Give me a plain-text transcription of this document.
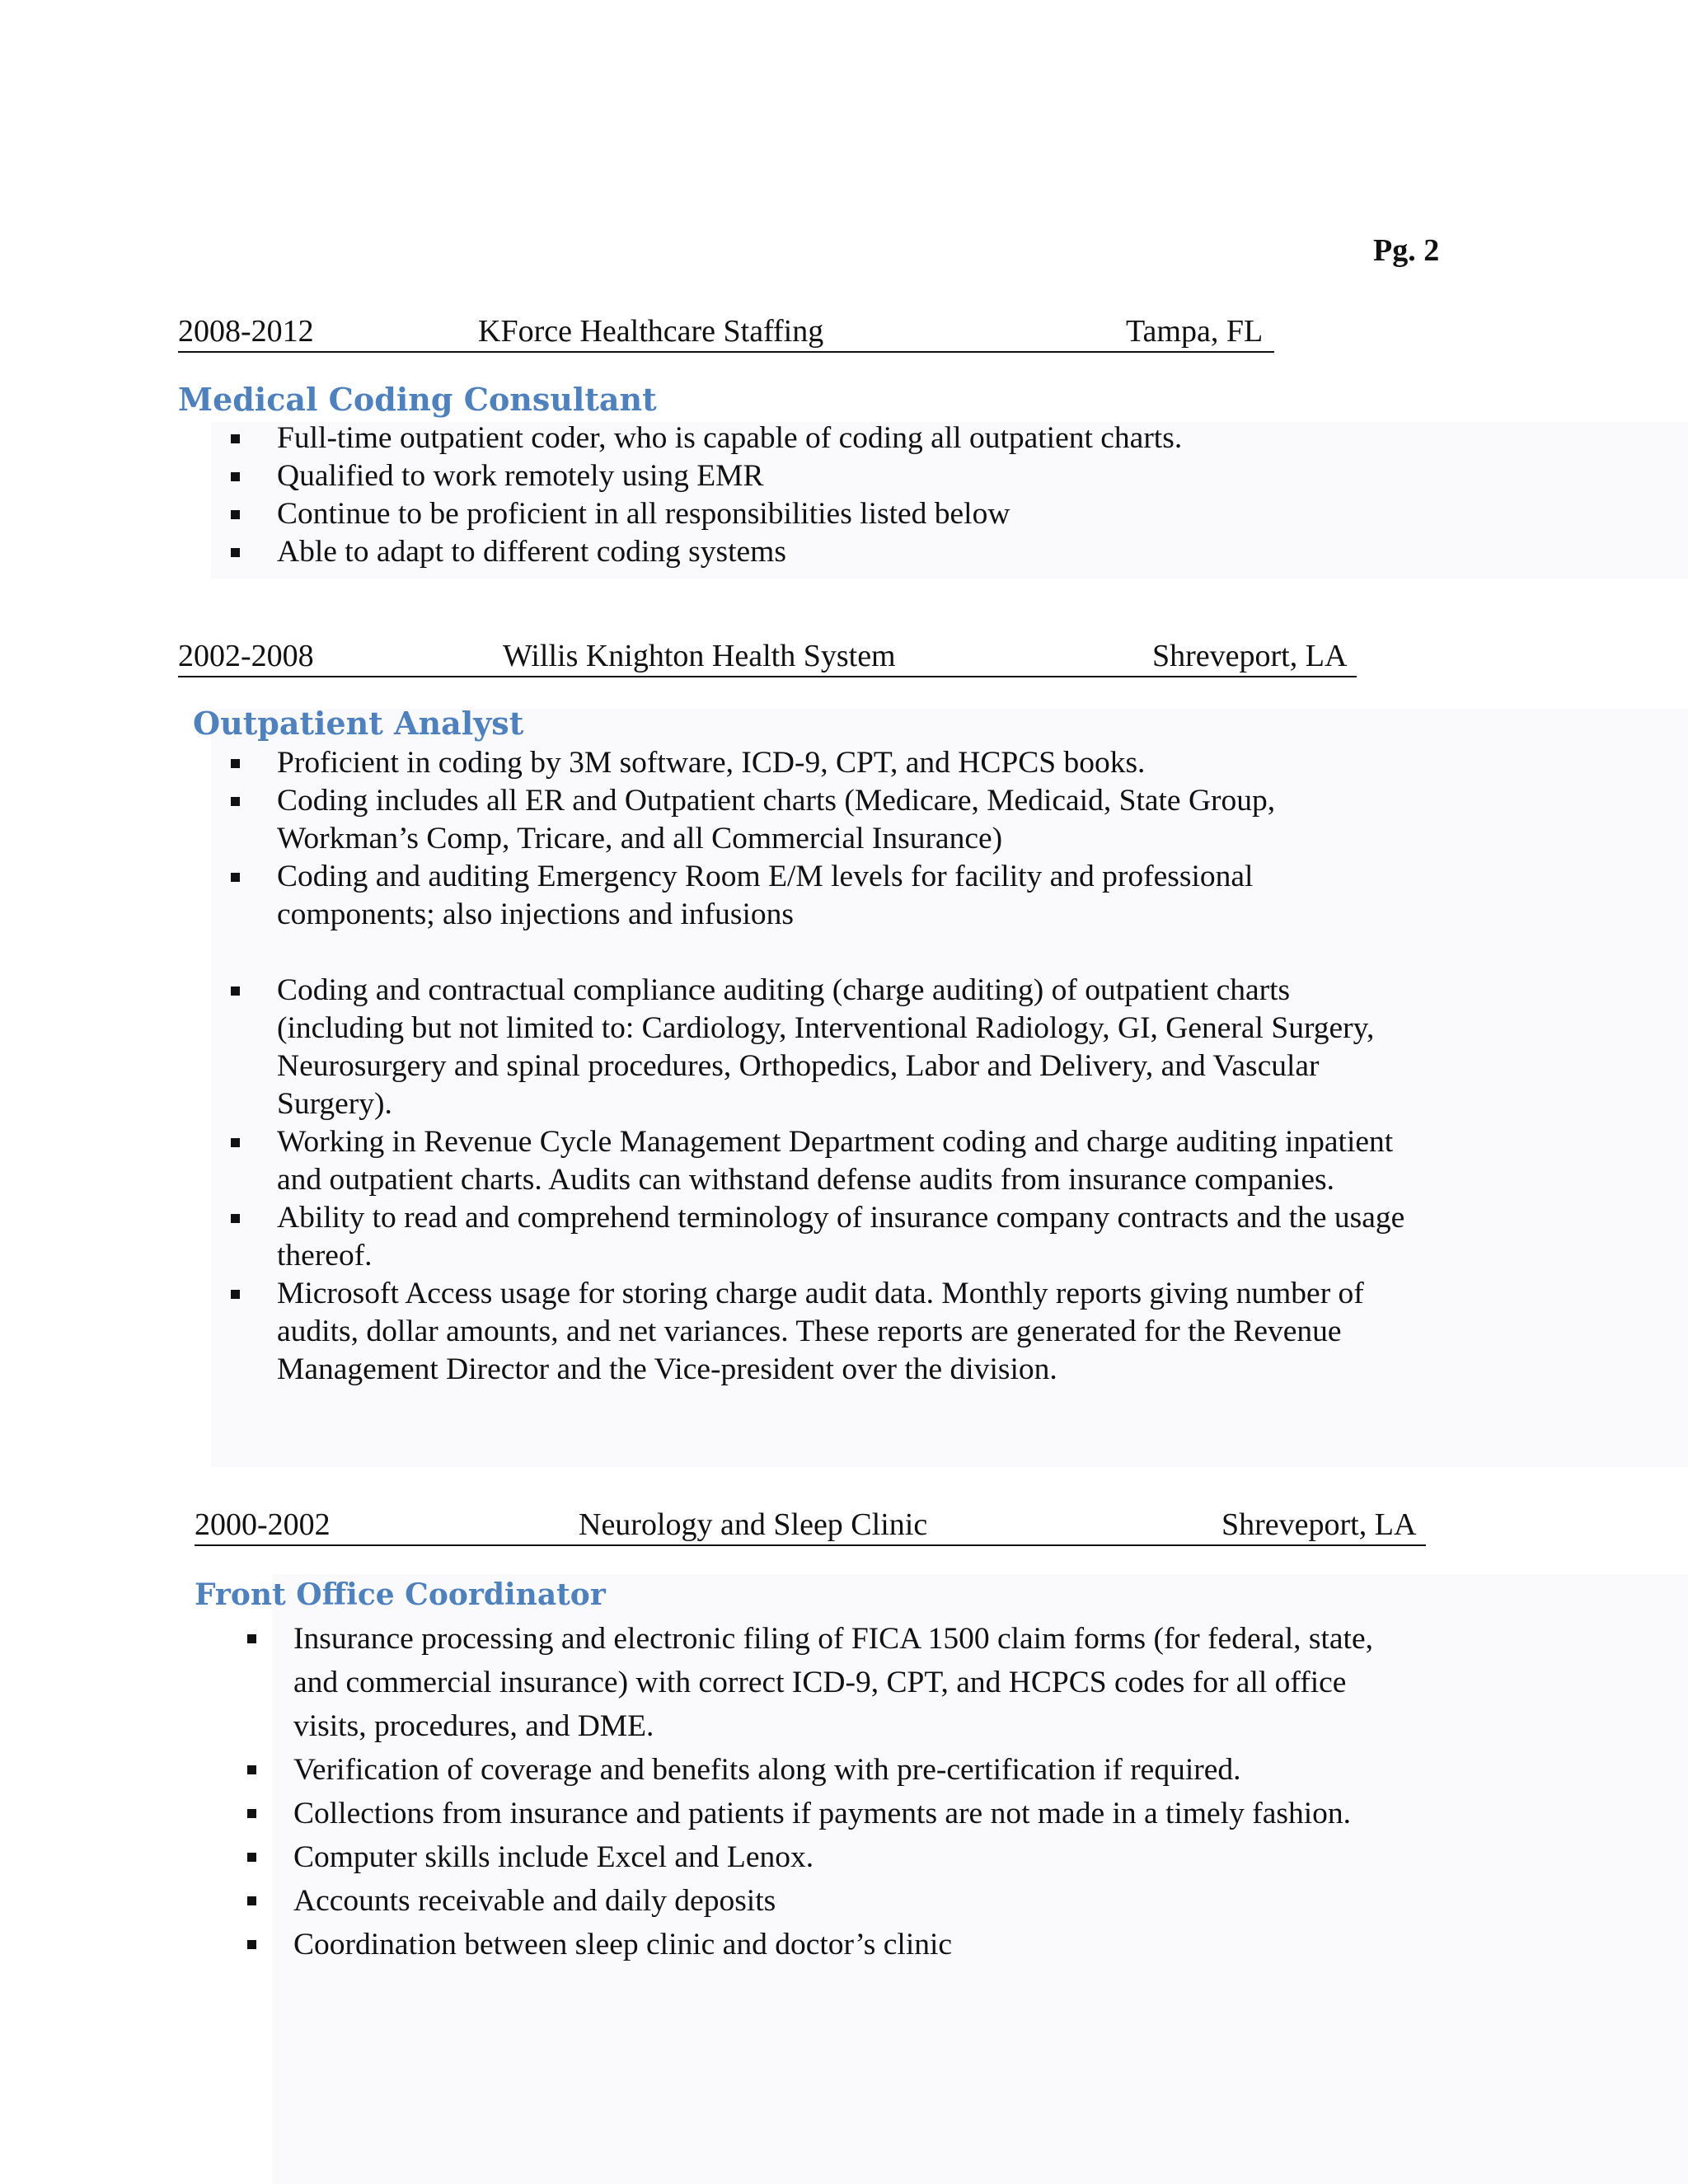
Pg. 2
2008-2012	KForce Healthcare Staffing	Tampa, FL
Medical Coding Consultant
Full-time outpatient coder, who is capable of coding all outpatient charts.
Qualified to work remotely using EMR
Continue to be proficient in all responsibilities listed below
Able to adapt to different coding systems
2002-2008	Willis Knighton Health System	Shreveport, LA
Outpatient Analyst
Proficient in coding by 3M software, ICD-9, CPT, and HCPCS books.
Coding includes all ER and Outpatient charts (Medicare, Medicaid, State Group, Workman’s Comp, Tricare, and all Commercial Insurance)
Coding and auditing Emergency Room E/M levels for facility and professional components; also injections and infusions
Coding and contractual compliance auditing (charge auditing) of outpatient charts (including but not limited to: Cardiology, Interventional Radiology, GI, General Surgery, Neurosurgery and spinal procedures, Orthopedics, Labor and Delivery, and Vascular Surgery).
Working in Revenue Cycle Management Department coding and charge auditing inpatient and outpatient charts. Audits can withstand defense audits from insurance companies.
Ability to read and comprehend terminology of insurance company contracts and the usage thereof.
Microsoft Access usage for storing charge audit data. Monthly reports giving number of audits, dollar amounts, and net variances. These reports are generated for the Revenue Management Director and the Vice-president over the division.
2000-2002	Neurology and Sleep Clinic	Shreveport, LA
Front Office Coordinator
Insurance processing and electronic filing of FICA 1500 claim forms (for federal, state, and commercial insurance) with correct ICD-9, CPT, and HCPCS codes for all office visits, procedures, and DME.
Verification of coverage and benefits along with pre-certification if required.
Collections from insurance and patients if payments are not made in a timely fashion.
Computer skills include Excel and Lenox.
Accounts receivable and daily deposits
Coordination between sleep clinic and doctor’s clinic
